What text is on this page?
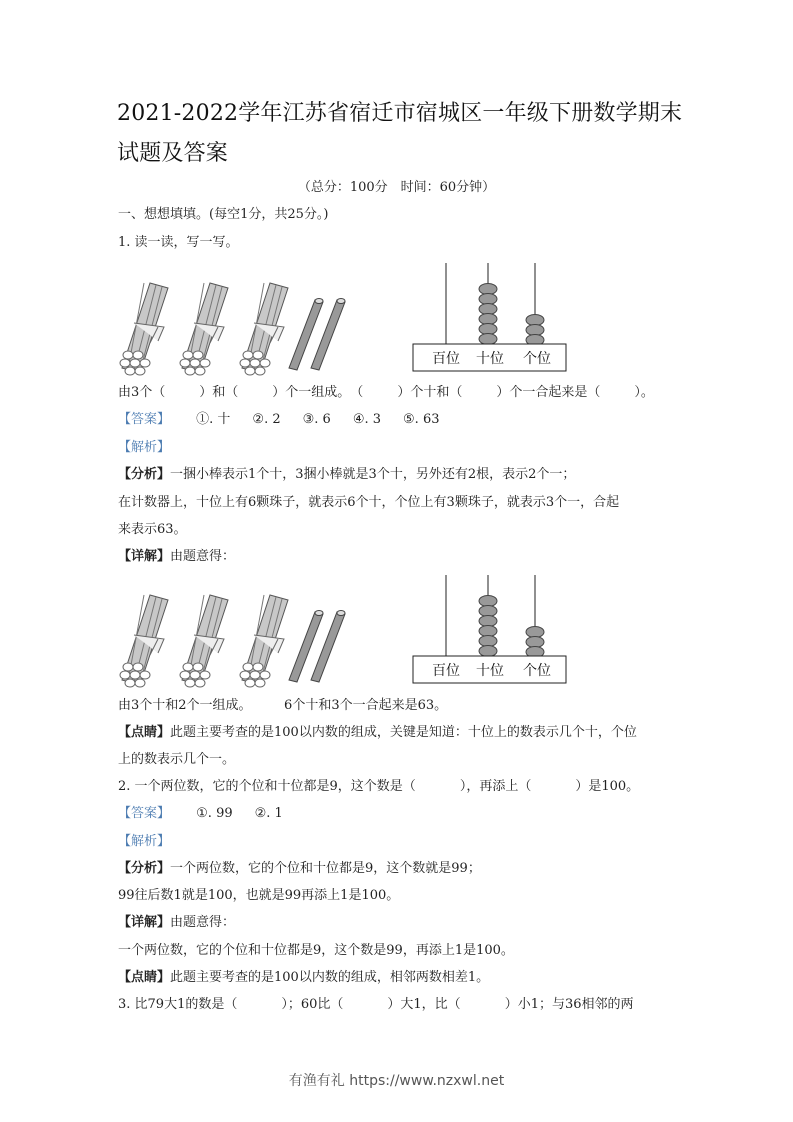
2021-2022学年江苏省宿迁市宿城区一年级下册数学期末试题及答案
（总分：100分　时间：60分钟）
一、想想填填。(每空1分，共25分。)
1. 读一读，写一写。
百位 十位 个位
由3个（	）和（	）个一组成。　（	）个十和（	）个一合起来是（	）。
【答案】 ①. 十 ②. 2 ③. 6 ④. 3 ⑤. 63
【解析】
【分析】一捆小棒表示1个十，3捆小棒就是3个十，另外还有2根，表示2个一；
在计数器上，十位上有6颗珠子，就表示6个十，个位上有3颗珠子，就表示3个一，合起
来表示63。
【详解】由题意得：
百位 十位 个位
由3个十和2个一组成。　　　6个十和3个一合起来是63。
【点睛】此题主要考查的是100以内数的组成，关键是知道：十位上的数表示几个十，个位
上的数表示几个一。
2. 一个两位数，它的个位和十位都是9，这个数是（	），再添上（	）是100。
【答案】 ①. 99 ②. 1
【解析】
【分析】一个两位数，它的个位和十位都是9，这个数就是99；
99往后数1就是100，也就是99再添上1是100。
【详解】由题意得：
一个两位数，它的个位和十位都是9，这个数是99，再添上1是100。
【点睛】此题主要考查的是100以内数的组成，相邻两数相差1。
3. 比79大1的数是（	）；60比（	）大1，比（	）小1；与36相邻的两
有渔有礼 https://www.nzxwl.net
